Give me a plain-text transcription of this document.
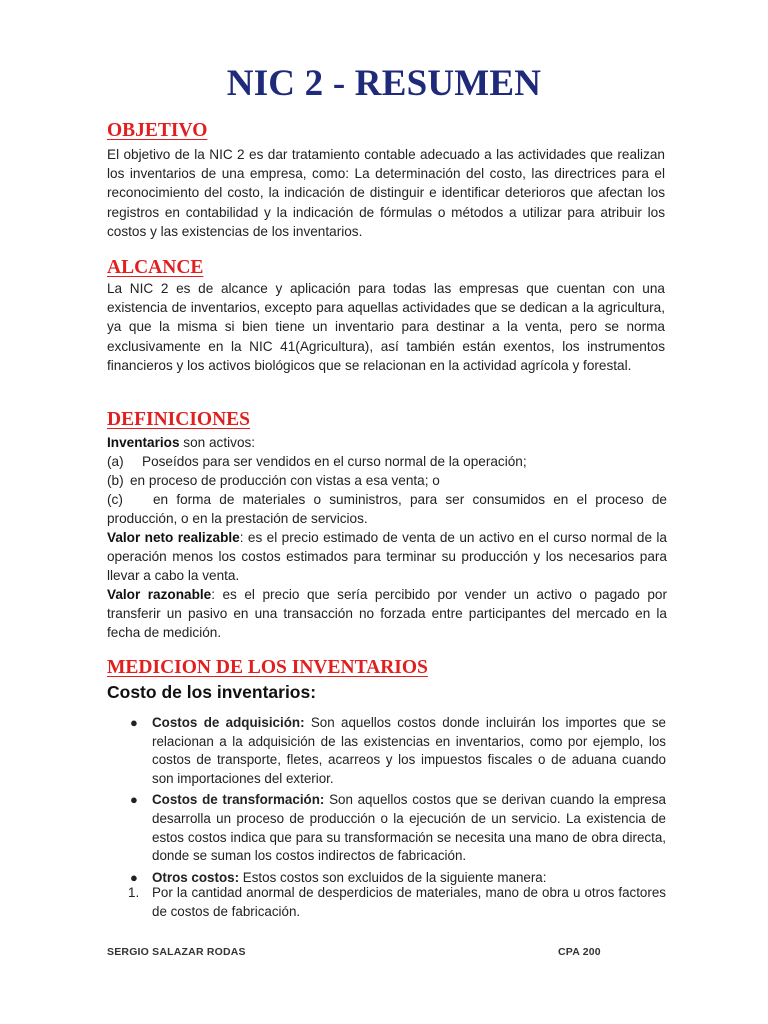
NIC 2 - RESUMEN
OBJETIVO

El objetivo de la NIC 2 es dar tratamiento contable adecuado a las actividades que realizan los inventarios de una empresa, como: La determinación del costo, las directrices para el reconocimiento del costo, la indicación de distinguir e identificar deterioros que afectan los registros en contabilidad y la indicación de fórmulas o métodos a utilizar para atribuir los costos y las existencias de los inventarios.

ALCANCE

La NIC 2 es de alcance y aplicación para todas las empresas que cuentan con una existencia de inventarios, excepto para aquellas actividades que se dedican a la agricultura, ya que la misma si bien tiene un inventario para destinar a la venta, pero se norma exclusivamente en la NIC 41(Agricultura), así también están exentos, los instrumentos financieros y los activos biológicos que se relacionan en la actividad agrícola y forestal.

DEFINICIONES

Inventarios son activos:

(a) Poseídos para ser vendidos en el curso normal de la operación;

(b) en proceso de producción con vistas a esa venta; o

(c) en forma de materiales o suministros, para ser consumidos en el proceso de producción, o en la prestación de servicios.

Valor neto realizable: es el precio estimado de venta de un activo en el curso normal de la operación menos los costos estimados para terminar su producción y los necesarios para llevar a cabo la venta.

Valor razonable: es el precio que sería percibido por vender un activo o pagado por transferir un pasivo en una transacción no forzada entre participantes del mercado en la fecha de medición.

MEDICION DE LOS INVENTARIOS
Costo de los inventarios:
● Costos de adquisición: Son aquellos costos donde incluirán los importes que se relacionan a la adquisición de las existencias en inventarios, como por ejemplo, los costos de transporte, fletes, acarreos y los impuestos fiscales o de aduana cuando son importaciones del exterior.
● Costos de transformación: Son aquellos costos que se derivan cuando la empresa desarrolla un proceso de producción o la ejecución de un servicio. La existencia de estos costos indica que para su transformación se necesita una mano de obra directa, donde se suman los costos indirectos de fabricación.
● Otros costos: Estos costos son excluidos de la siguiente manera:
1. Por la cantidad anormal de desperdicios de materiales, mano de obra u otros factores de costos de fabricación.
SERGIO SALAZAR RODAS	CPA 200
